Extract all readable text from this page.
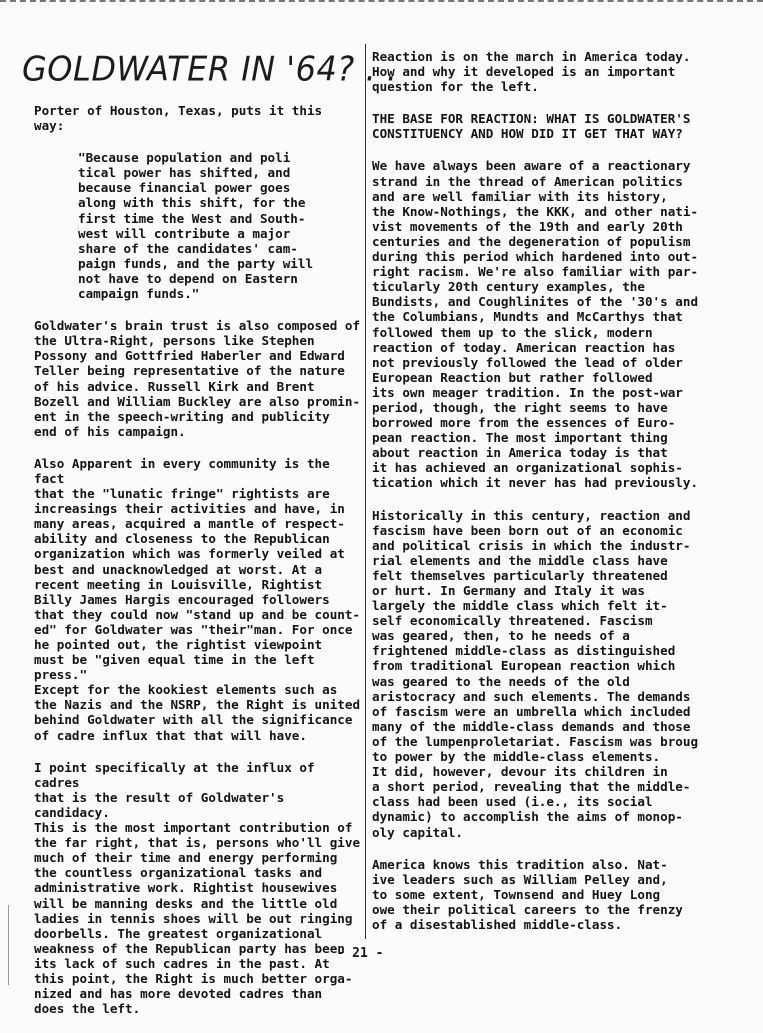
GOLDWATER IN '64? . .

Porter of Houston, Texas, puts it this
way:

"Because population and poli
tical power has shifted, and
because financial power goes
along with this shift, for the
first time the West and South-
west will contribute a major
share of the candidates' cam-
paign funds, and the party will
not have to depend on Eastern
campaign funds."

Goldwater's brain trust is also composed of
the Ultra-Right, persons like Stephen
Possony and Gottfried Haberler and Edward
Teller being representative of the nature
of his advice. Russell Kirk and Brent
Bozell and William Buckley are also promin-
ent in the speech-writing and publicity
end of his campaign.

Also Apparent in every community is the fact
that the "lunatic fringe" rightists are
increasings their activities and have, in
many areas, acquired a mantle of respect-
ability and closeness to the Republican
organization which was formerly veiled at
best and unacknowledged at worst. At a
recent meeting in Louisville, Rightist
Billy James Hargis encouraged followers
that they could now "stand up and be count-
ed" for Goldwater was "their"man. For once
he pointed out, the rightist viewpoint
must be "given equal time in the left press."
Except for the kookiest elements such as
the Nazis and the NSRP, the Right is united
behind Goldwater with all the significance
of cadre influx that that will have.

I point specifically at the influx of cadres
that is the result of Goldwater's candidacy.
This is the most important contribution of
the far right, that is, persons who'll give
much of their time and energy performing
the countless organizational tasks and
administrative work. Rightist housewives
will be manning desks and the little old
ladies in tennis shoes will be out ringing
doorbells. The greatest organizational
weakness of the Republican party has been
its lack of such cadres in the past. At
this point, the Right is much better orga-
nized and has more devoted cadres than
does the left.

Reaction is on the march in America today.
How and why it developed is an important
question for the left.

THE BASE FOR REACTION: WHAT IS GOLDWATER'S
CONSTITUENCY AND HOW DID IT GET THAT WAY?

We have always been aware of a reactionary
strand in the thread of American politics
and are well familiar with its history,
the Know-Nothings, the KKK, and other nati-
vist movements of the 19th and early 20th
centuries and the degeneration of populism
during this period which hardened into out-
right racism. We're also familiar with par-
ticularly 20th century examples, the
Bundists, and Coughlinites of the '30's and
the Columbians, Mundts and McCarthys that
followed them up to the slick, modern
reaction of today. American reaction has
not previously followed the lead of older
European Reaction but rather followed
its own meager tradition. In the post-war
period, though, the right seems to have
borrowed more from the essences of Euro-
pean reaction. The most important thing
about reaction in America today is that
it has achieved an organizational sophis-
tication which it never has had previously.

Historically in this century, reaction and
fascism have been born out of an economic
and political crisis in which the industr-
rial elements and the middle class have
felt themselves particularly threatened
or hurt. In Germany and Italy it was
largely the middle class which felt it-
self economically threatened. Fascism
was geared, then, to he needs of a
frightened middle-class as distinguished
from traditional European reaction which
was geared to the needs of the old
aristocracy and such elements. The demands
of fascism were an umbrella which included
many of the middle-class demands and those
of the lumpenproletariat. Fascism was broug
to power by the middle-class elements.
It did, however, devour its children in
a short period, revealing that the middle-
class had been used (i.e., its social
dynamic) to accomplish the aims of monop-
oly capital.

America knows this tradition also. Nat-
ive leaders such as William Pelley and,
to some extent, Townsend and Huey Long
owe their political careers to the frenzy
of a disestablished middle-class.

- 21 -
